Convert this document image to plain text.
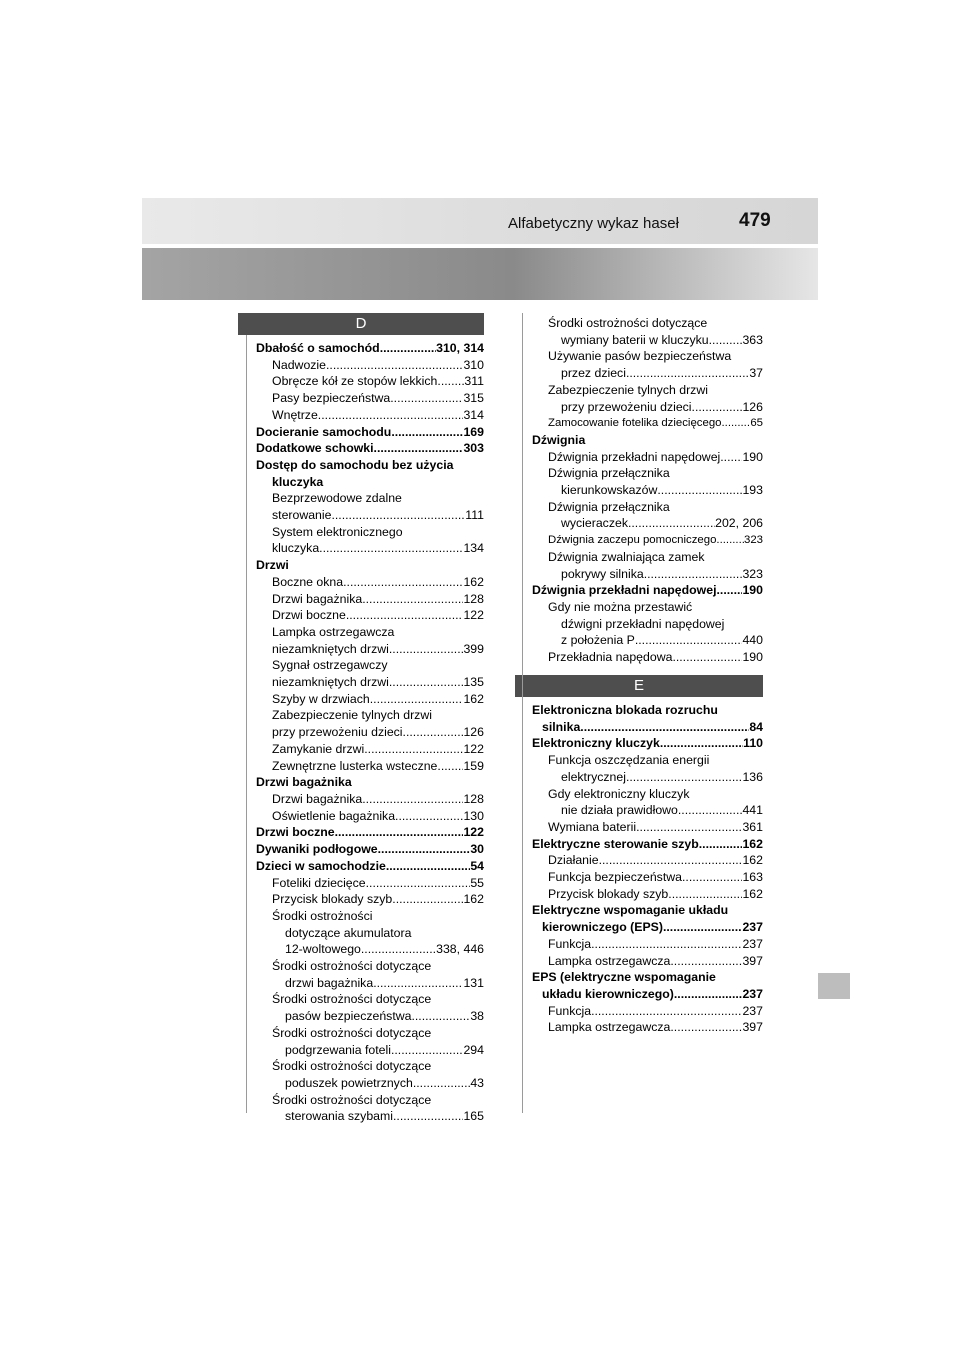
Alfabetyczny wykaz haseł	479
D
E
Dbałość o samochód .....	310, 314
Nadwozie .....	310
Obręcze kół ze stopów lekkich ..... 311
Pasy bezpieczeństwa .....	315
Wnętrze .....	314
Docieranie samochodu .....	169
Dodatkowe schowki .....	303
Dostęp do samochodu bez użycia
kluczyka
Bezprzewodowe zdalne
sterowanie .....	111
System elektronicznego
kluczyka .....	134
Drzwi
Boczne okna .....	162
Drzwi bagażnika .....	128
Drzwi boczne .....	122
Lampka ostrzegawcza
niezamkniętych drzwi .....	399
Sygnał ostrzegawczy
niezamkniętych drzwi .....	135
Szyby w drzwiach .....	162
Zabezpieczenie tylnych drzwi
przy przewożeniu dzieci .....	126
Zamykanie drzwi .....	122
Zewnętrzne lusterka wsteczne ..... 159
Drzwi bagażnika
Drzwi bagażnika .....	128
Oświetlenie bagażnika .....	130
Drzwi boczne .....	122
Dywaniki podłogowe .....	30
Dzieci w samochodzie .....	54
Foteliki dziecięce .....	55
Przycisk blokady szyb .....	162
Środki ostrożności
dotyczące akumulatora
12-woltowego .....	338, 446
Środki ostrożności dotyczące
drzwi bagażnika .....	131
Środki ostrożności dotyczące
pasów bezpieczeństwa .....	38
Środki ostrożności dotyczące
podgrzewania foteli .....	294
Środki ostrożności dotyczące
poduszek powietrznych .....	43
Środki ostrożności dotyczące
sterowania szybami .....	165
Środki ostrożności dotyczące
wymiany baterii w kluczyku .....	363
Używanie pasów bezpieczeństwa
przez dzieci .....	37
Zabezpieczenie tylnych drzwi
przy przewożeniu dzieci .....	126
Zamocowanie fotelika dziecięcego .....	65
Dźwignia
Dźwignia przekładni napędowej ..... 190
Dźwignia przełącznika
kierunkowskazów .....	193
Dźwignia przełącznika
wycieraczek .....	202, 206
Dźwignia zaczepu pomocniczego ..... 323
Dźwignia zwalniająca zamek
pokrywy silnika .....	323
Dźwignia przekładni napędowej ..... 190
Gdy nie można przestawić
dźwigni przekładni napędowej
z położenia P .....	440
Przekładnia napędowa .....	190
Elektroniczna blokada rozruchu
silnika .....	84
Elektroniczny kluczyk .....	110
Funkcja oszczędzania energii
elektrycznej .....	136
Gdy elektroniczny kluczyk
nie działa prawidłowo .....	441
Wymiana baterii .....	361
Elektryczne sterowanie szyb .....	162
Działanie .....	162
Funkcja bezpieczeństwa .....	163
Przycisk blokady szyb .....	162
Elektryczne wspomaganie układu
kierowniczego (EPS) .....	237
Funkcja .....	237
Lampka ostrzegawcza .....	397
EPS (elektryczne wspomaganie
układu kierowniczego) .....	237
Funkcja .....	237
Lampka ostrzegawcza .....	397
